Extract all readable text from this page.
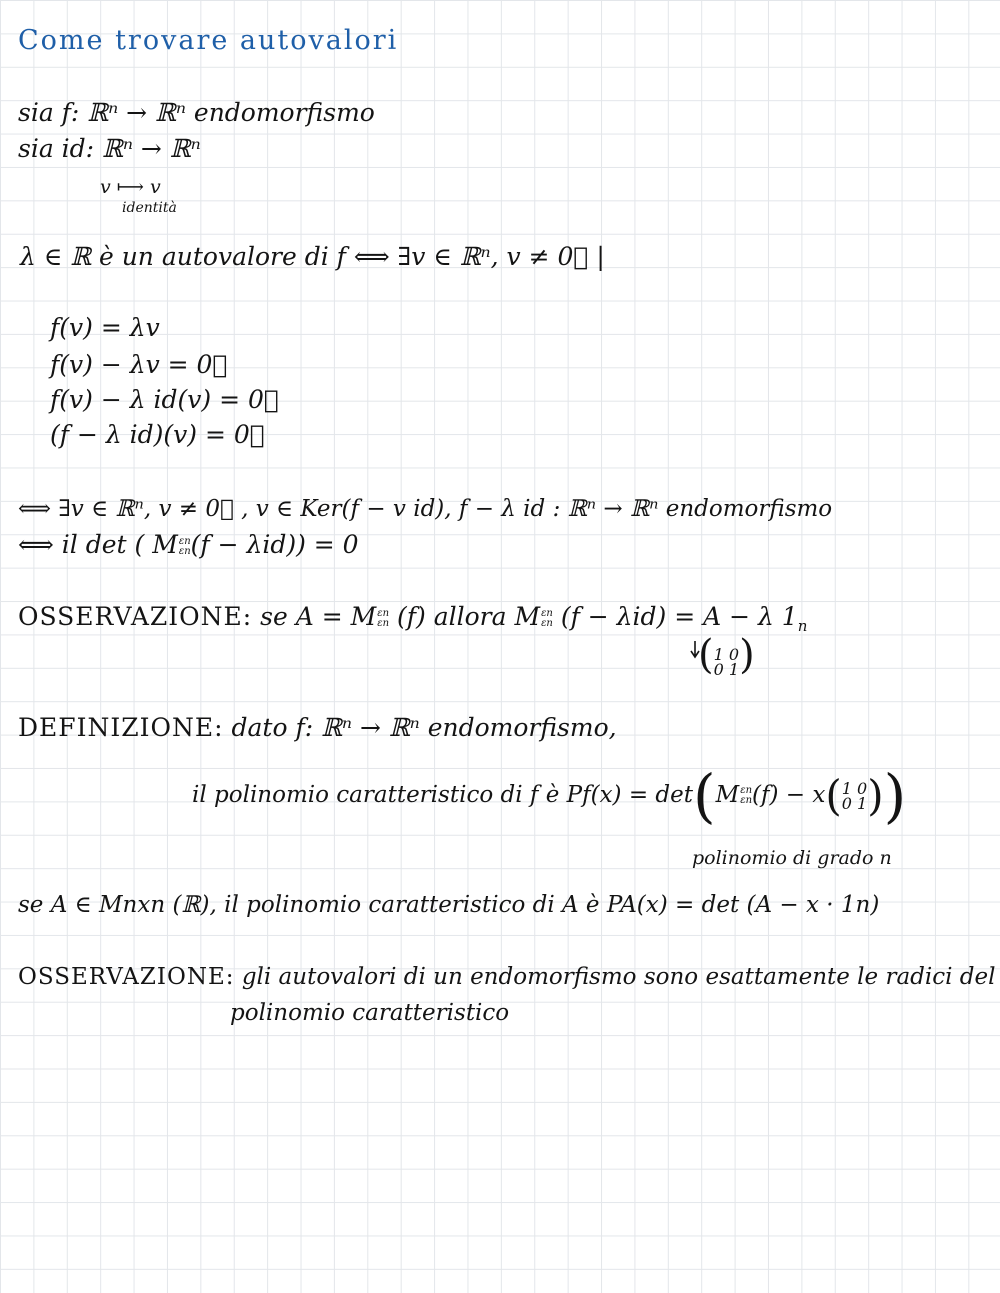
Come trovare autovalori
sia f: ℝⁿ → ℝⁿ endomorfismo
sia id: ℝⁿ → ℝⁿ
v ⟼ v
identità
λ ∈ ℝ è un autovalore di f ⟺ ∃v ∈ ℝⁿ, v ≠ 0⃗ |
f(v) = λv
f(v) − λv = 0⃗
f(v) − λ id(v) = 0⃗
(f − λ id)(v) = 0⃗
⟺ ∃v ∈ ℝⁿ, v ≠ 0⃗ , v ∈ Ker(f − v id), f − λ id : ℝⁿ → ℝⁿ endomorfismo
⟺ il det ( Mεn
εn(f − λid)) = 0
OSSERVAZIONE: se A = Mεn
εn (f) allora Mεn
εn (f − λid) = A − λ $1_n$
(1 0
0 1)
DEFINIZIONE: dato f: ℝⁿ → ℝⁿ endomorfismo,
il polinomio caratteristico di f è Pf(x) = det(Mεn
εn(f) − x(1 0
0 1))
polinomio di grado n
se A ∈ Mnxn (ℝ), il polinomio caratteristico di A è PA(x) = det (A − x · 1n)
OSSERVAZIONE: gli autovalori di un endomorfismo sono esattamente le radici del
polinomio caratteristico
